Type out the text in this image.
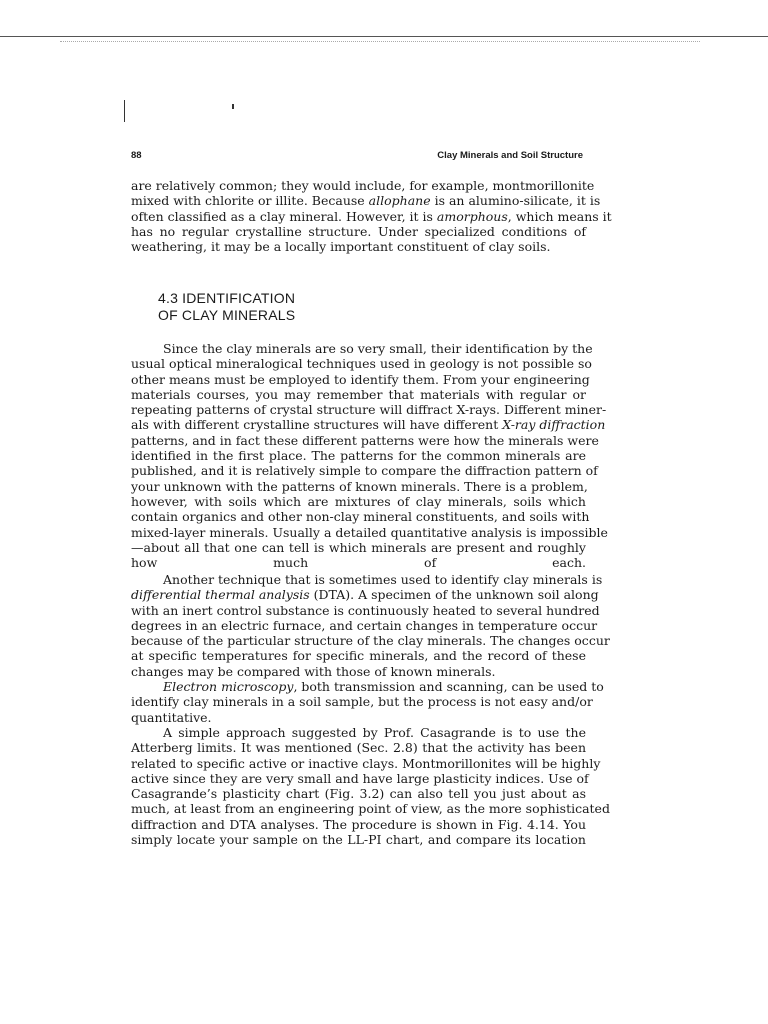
88	Clay Minerals and Soil Structure
are relatively common; they would include, for example, montmorillonite
mixed with chlorite or illite. Because allophane is an alumino-silicate, it is
often classified as a clay mineral. However, it is amorphous, which means it
has no regular crystalline structure. Under specialized conditions of
weathering, it may be a locally important constituent of clay soils.
4.3 IDENTIFICATION
OF CLAY MINERALS
Since the clay minerals are so very small, their identification by the
usual optical mineralogical techniques used in geology is not possible so
other means must be employed to identify them. From your engineering
materials courses, you may remember that materials with regular or
repeating patterns of crystal structure will diffract X-rays. Different miner-
als with different crystalline structures will have different X-ray diffraction
patterns, and in fact these different patterns were how the minerals were
identified in the first place. The patterns for the common minerals are
published, and it is relatively simple to compare the diffraction pattern of
your unknown with the patterns of known minerals. There is a problem,
however, with soils which are mixtures of clay minerals, soils which
contain organics and other non-clay mineral constituents, and soils with
mixed-layer minerals. Usually a detailed quantitative analysis is impossible
—about all that one can tell is which minerals are present and roughly
how much of each.
Another technique that is sometimes used to identify clay minerals is
differential thermal analysis (DTA). A specimen of the unknown soil along
with an inert control substance is continuously heated to several hundred
degrees in an electric furnace, and certain changes in temperature occur
because of the particular structure of the clay minerals. The changes occur
at specific temperatures for specific minerals, and the record of these
changes may be compared with those of known minerals.
Electron microscopy, both transmission and scanning, can be used to
identify clay minerals in a soil sample, but the process is not easy and/or
quantitative.
A simple approach suggested by Prof. Casagrande is to use the
Atterberg limits. It was mentioned (Sec. 2.8) that the activity has been
related to specific active or inactive clays. Montmorillonites will be highly
active since they are very small and have large plasticity indices. Use of
Casagrande’s plasticity chart (Fig. 3.2) can also tell you just about as
much, at least from an engineering point of view, as the more sophisticated
diffraction and DTA analyses. The procedure is shown in Fig. 4.14. You
simply locate your sample on the LL-PI chart, and compare its location
